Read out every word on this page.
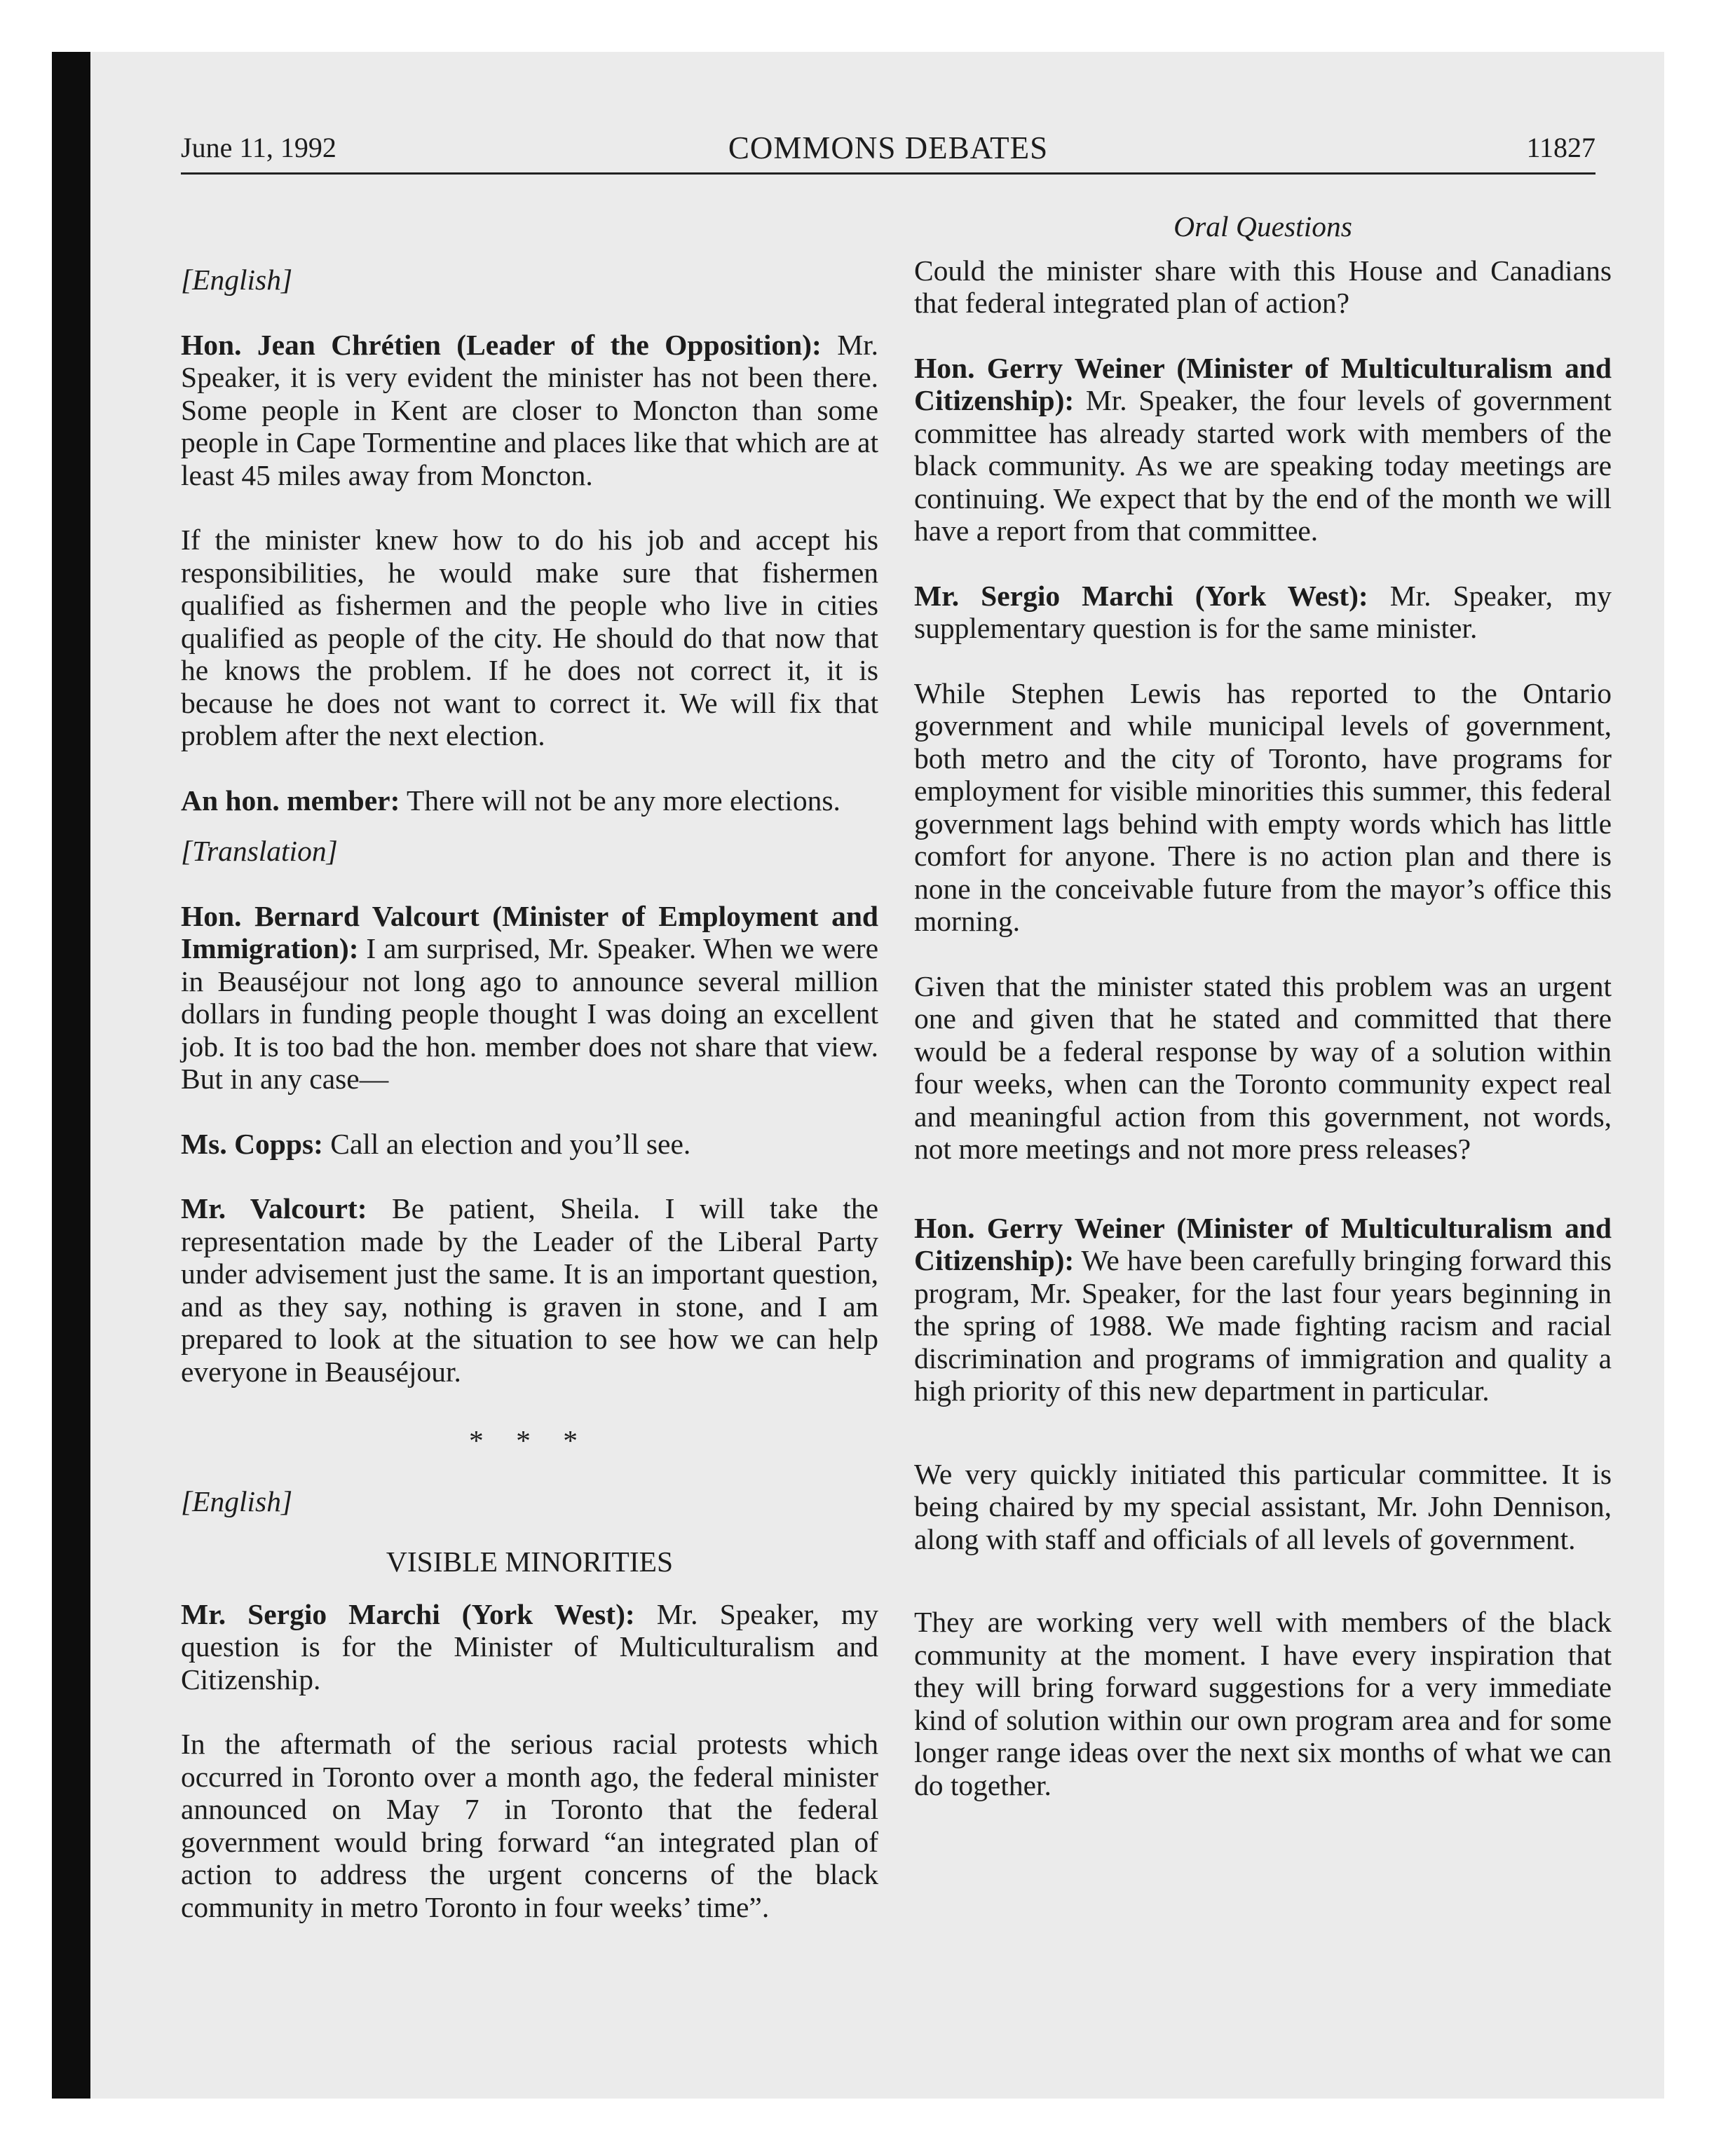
June 11, 1992	COMMONS DEBATES	11827

[English]

Hon. Jean Chrétien (Leader of the Opposition): Mr. Speaker, it is very evident the minister has not been there. Some people in Kent are closer to Moncton than some people in Cape Tormentine and places like that which are at least 45 miles away from Moncton.

If the minister knew how to do his job and accept his responsibilities, he would make sure that fishermen qualified as fishermen and the people who live in cities qualified as people of the city. He should do that now that he knows the problem. If he does not correct it, it is because he does not want to correct it. We will fix that problem after the next election.

An hon. member: There will not be any more elections.

[Translation]

Hon. Bernard Valcourt (Minister of Employment and Immigration): I am surprised, Mr. Speaker. When we were in Beauséjour not long ago to announce several million dollars in funding people thought I was doing an excellent job. It is too bad the hon. member does not share that view. But in any case—

Ms. Copps: Call an election and you’ll see.

Mr. Valcourt: Be patient, Sheila. I will take the representation made by the Leader of the Liberal Party under advisement just the same. It is an important question, and as they say, nothing is graven in stone, and I am prepared to look at the situation to see how we can help everyone in Beauséjour.

* * *

[English]

VISIBLE MINORITIES

Mr. Sergio Marchi (York West): Mr. Speaker, my question is for the Minister of Multiculturalism and Citizenship.

In the aftermath of the serious racial protests which occurred in Toronto over a month ago, the federal minister announced on May 7 in Toronto that the federal government would bring forward “an integrated plan of action to address the urgent concerns of the black community in metro Toronto in four weeks’ time”.

Oral Questions

Could the minister share with this House and Canadians that federal integrated plan of action?

Hon. Gerry Weiner (Minister of Multiculturalism and Citizenship): Mr. Speaker, the four levels of government committee has already started work with members of the black community. As we are speaking today meetings are continuing. We expect that by the end of the month we will have a report from that committee.

Mr. Sergio Marchi (York West): Mr. Speaker, my supplementary question is for the same minister.

While Stephen Lewis has reported to the Ontario government and while municipal levels of government, both metro and the city of Toronto, have programs for employment for visible minorities this summer, this federal government lags behind with empty words which has little comfort for anyone. There is no action plan and there is none in the conceivable future from the mayor’s office this morning.

Given that the minister stated this problem was an urgent one and given that he stated and committed that there would be a federal response by way of a solution within four weeks, when can the Toronto community expect real and meaningful action from this government, not words, not more meetings and not more press releases?

Hon. Gerry Weiner (Minister of Multiculturalism and Citizenship): We have been carefully bringing forward this program, Mr. Speaker, for the last four years beginning in the spring of 1988. We made fighting racism and racial discrimination and programs of immigration and quality a high priority of this new department in particular.

We very quickly initiated this particular committee. It is being chaired by my special assistant, Mr. John Dennison, along with staff and officials of all levels of government.

They are working very well with members of the black community at the moment. I have every inspiration that they will bring forward suggestions for a very immediate kind of solution within our own program area and for some longer range ideas over the next six months of what we can do together.
